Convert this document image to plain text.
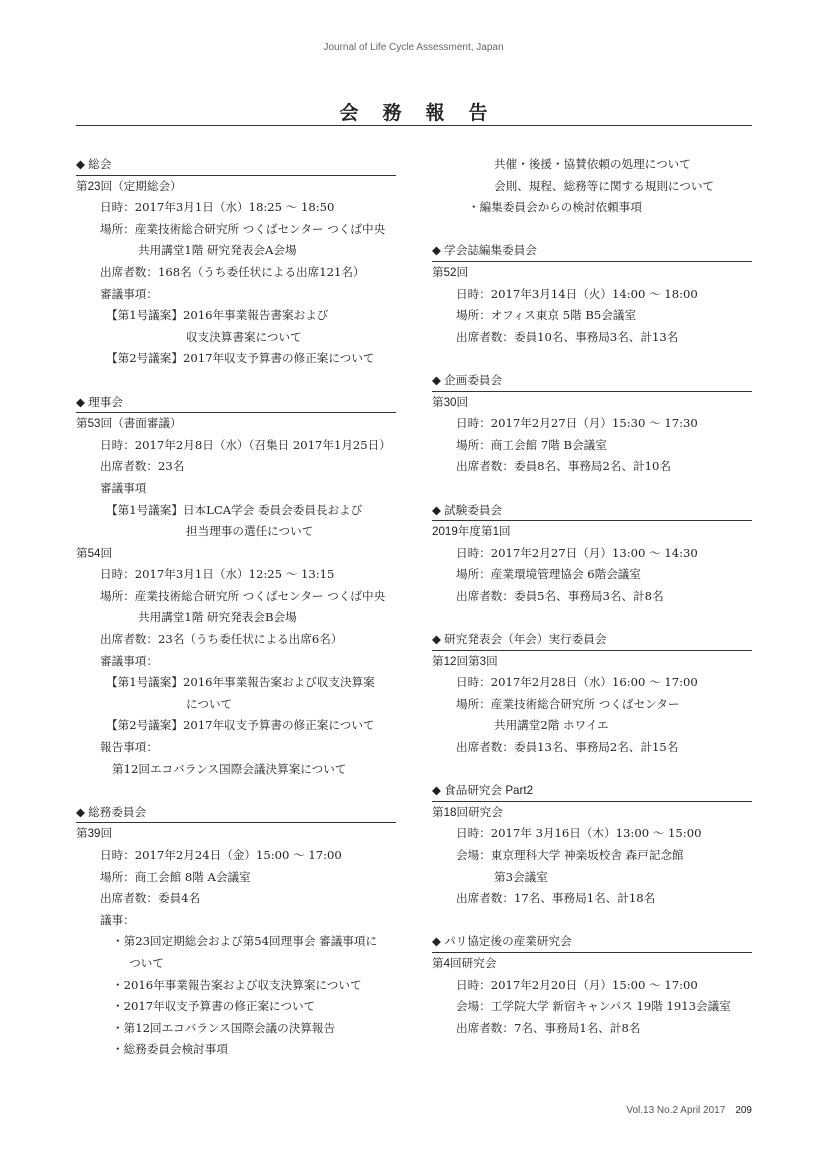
Journal of Life Cycle Assessment, Japan
会務報告
◆ 総会
第23回（定期総会）
日時：2017年3月1日（水）18:25 ～ 18:50
場所：産業技術総合研究所 つくばセンター つくば中央
共用講堂1階 研究発表会A会場
出席者数：168名（うち委任状による出席121名）
審議事項：
【第1号議案】2016年事業報告書案および
収支決算書案について
【第2号議案】2017年収支予算書の修正案について
◆ 理事会
第53回（書面審議）
日時：2017年2月8日（水）（召集日 2017年1月25日）
出席者数：23名
審議事項
【第1号議案】日本LCA学会 委員会委員長および
担当理事の選任について
第54回
日時：2017年3月1日（水）12:25 ～ 13:15
場所：産業技術総合研究所 つくばセンター つくば中央
共用講堂1階 研究発表会B会場
出席者数：23名（うち委任状による出席6名）
審議事項：
【第1号議案】2016年事業報告案および収支決算案
について
【第2号議案】2017年収支予算書の修正案について
報告事項：
第12回エコバランス国際会議決算案について
◆ 総務委員会
第39回
日時：2017年2月24日（金）15:00 ～ 17:00
場所：商工会館 8階 A会議室
出席者数：委員4名
議事：
・第23回定期総会および第54回理事会 審議事項に
　　ついて
・2016年事業報告案および収支決算案について
・2017年収支予算書の修正案について
・第12回エコバランス国際会議の決算報告
・総務委員会検討事項
共催・後援・協賛依頼の処理について
会則、規程、総務等に関する規則について
・編集委員会からの検討依頼事項
◆ 学会誌編集委員会
第52回
日時：2017年3月14日（火）14:00 ～ 18:00
場所：オフィス東京 5階 B5会議室
出席者数：委員10名、事務局3名、計13名
◆ 企画委員会
第30回
日時：2017年2月27日（月）15:30 ～ 17:30
場所：商工会館 7階 B会議室
出席者数：委員8名、事務局2名、計10名
◆ 試験委員会
2019年度第1回
日時：2017年2月27日（月）13:00 ～ 14:30
場所：産業環境管理協会 6階会議室
出席者数：委員5名、事務局3名、計8名
◆ 研究発表会（年会）実行委員会
第12回第3回
日時：2017年2月28日（水）16:00 ～ 17:00
場所：産業技術総合研究所 つくばセンター
共用講堂2階 ホワイエ
出席者数：委員13名、事務局2名、計15名
◆ 食品研究会 Part2
第18回研究会
日時：2017年 3月16日（木）13:00 ～ 15:00
会場：東京理科大学 神楽坂校舎 森戸記念館
第3会議室
出席者数：17名、事務局1名、計18名
◆ パリ協定後の産業研究会
第4回研究会
日時：2017年2月20日（月）15:00 ～ 17:00
会場：工学院大学 新宿キャンパス 19階 1913会議室
出席者数：7名、事務局1名、計8名
Vol.13 No.2 April 2017 209
